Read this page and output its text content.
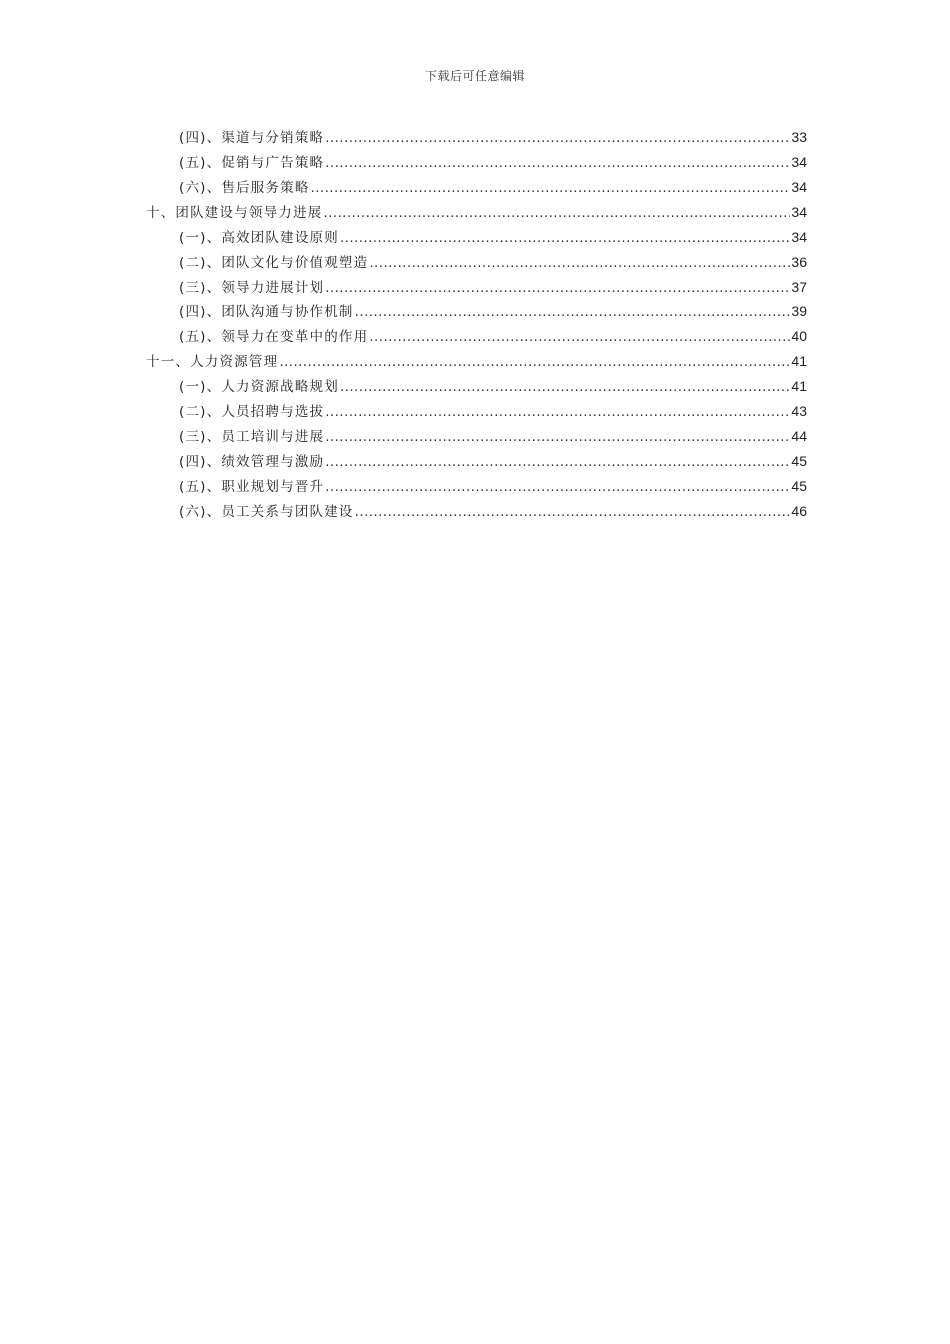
下载后可任意编辑
(四)、渠道与分销策略 .....	33
(五)、促销与广告策略 .....	34
(六)、售后服务策略 .....	34
十、团队建设与领导力进展 .....	34
(一)、高效团队建设原则 .....	34
(二)、团队文化与价值观塑造 .....	36
(三)、领导力进展计划 .....	37
(四)、团队沟通与协作机制 .....	39
(五)、领导力在变革中的作用 .....	40
十一、人力资源管理 .....	41
(一)、人力资源战略规划 .....	41
(二)、人员招聘与选拔 .....	43
(三)、员工培训与进展 .....	44
(四)、绩效管理与激励 .....	45
(五)、职业规划与晋升 .....	45
(六)、员工关系与团队建设 .....	46
